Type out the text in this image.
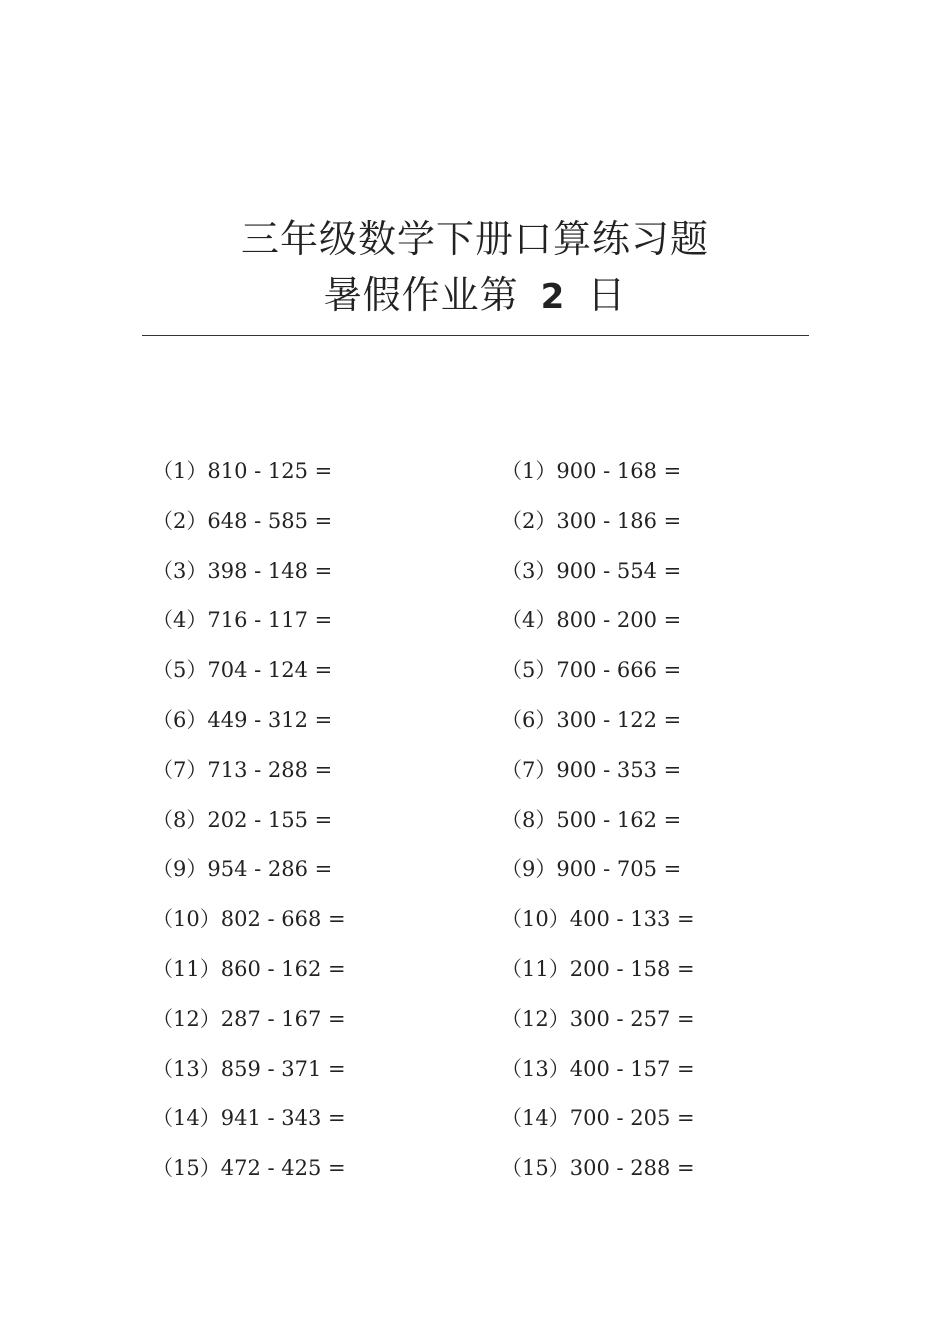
三年级数学下册口算练习题
暑假作业第 2 日
（1）810 - 125 =
（2）648 - 585 =
（3）398 - 148 =
（4）716 - 117 =
（5）704 - 124 =
（6）449 - 312 =
（7）713 - 288 =
（8）202 - 155 =
（9）954 - 286 =
（10）802 - 668 =
（11）860 - 162 =
（12）287 - 167 =
（13）859 - 371 =
（14）941 - 343 =
（15）472 - 425 =
（1）900 - 168 =
（2）300 - 186 =
（3）900 - 554 =
（4）800 - 200 =
（5）700 - 666 =
（6）300 - 122 =
（7）900 - 353 =
（8）500 - 162 =
（9）900 - 705 =
（10）400 - 133 =
（11）200 - 158 =
（12）300 - 257 =
（13）400 - 157 =
（14）700 - 205 =
（15）300 - 288 =
